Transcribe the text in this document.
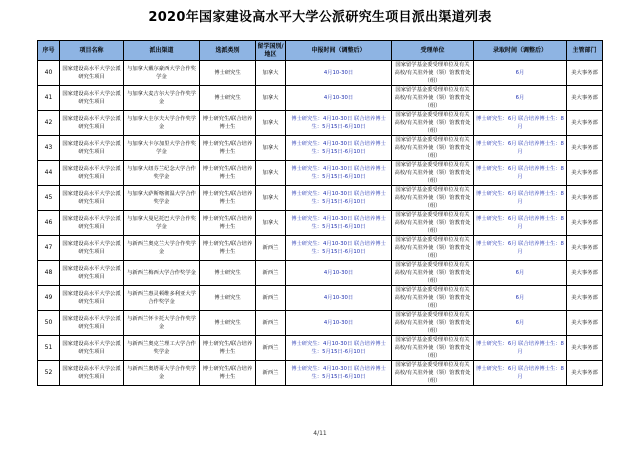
2020年国家建设高水平大学公派研究生项目派出渠道列表
序号	项目名称	派出渠道	选派类别	留学国别/地区	申报时间（调整后）	受理单位	录取时间（调整后）	主管部门
40	国家建设高水平大学公派研究生项目	与加拿大戴尔豪西大学合作奖学金	博士研究生	加拿大	4月10-30日	国家留学基金委受理单位及有关高校/有关驻外使（领）馆教育处（组）	6月	美大事务部
41	国家建设高水平大学公派研究生项目	与加拿大麦吉尔大学合作奖学金	博士研究生	加拿大	4月10-30日	国家留学基金委受理单位及有关高校/有关驻外使（领）馆教育处（组）	6月	美大事务部
42	国家建设高水平大学公派研究生项目	与加拿大圭尔夫大学合作奖学金	博士研究生/联合培养博士生	加拿大	博士研究生：4月10-30日 联合培养博士生：5月15日-6月10日	国家留学基金委受理单位及有关高校/有关驻外使（领）馆教育处（组）	博士研究生：6月 联合培养博士生：8月	美大事务部
43	国家建设高水平大学公派研究生项目	与加拿大卡尔加里大学合作奖学金	博士研究生/联合培养博士生	加拿大	博士研究生：4月10-30日 联合培养博士生：5月15日-6月10日	国家留学基金委受理单位及有关高校/有关驻外使（领）馆教育处（组）	博士研究生：6月 联合培养博士生：8月	美大事务部
44	国家建设高水平大学公派研究生项目	与加拿大纽芬兰纪念大学合作奖学金	博士研究生/联合培养博士生	加拿大	博士研究生：4月10-30日 联合培养博士生：5月15日-6月10日	国家留学基金委受理单位及有关高校/有关驻外使（领）馆教育处（组）	博士研究生：6月 联合培养博士生：8月	美大事务部
45	国家建设高水平大学公派研究生项目	与加拿大萨斯喀彻温大学合作奖学金	博士研究生/联合培养博士生	加拿大	博士研究生：4月10-30日 联合培养博士生：5月15日-6月10日	国家留学基金委受理单位及有关高校/有关驻外使（领）馆教育处（组）	博士研究生：6月 联合培养博士生：8月	美大事务部
46	国家建设高水平大学公派研究生项目	与加拿大曼尼托巴大学合作奖学金	博士研究生/联合培养博士生	加拿大	博士研究生：4月10-30日 联合培养博士生：5月15日-6月10日	国家留学基金委受理单位及有关高校/有关驻外使（领）馆教育处（组）	博士研究生：6月 联合培养博士生：8月	美大事务部
47	国家建设高水平大学公派研究生项目	与新西兰奥克兰大学合作奖学金	博士研究生/联合培养博士生	新西兰	博士研究生：4月10-30日 联合培养博士生：5月15日-6月10日	国家留学基金委受理单位及有关高校/有关驻外使（领）馆教育处（组）	博士研究生：6月 联合培养博士生：8月	美大事务部
48	国家建设高水平大学公派研究生项目	与新西兰梅西大学合作奖学金	博士研究生	新西兰	4月10-30日	国家留学基金委受理单位及有关高校/有关驻外使（领）馆教育处（组）	6月	美大事务部
49	国家建设高水平大学公派研究生项目	与新西兰惠灵顿维多利亚大学合作奖学金	博士研究生	新西兰	4月10-30日	国家留学基金委受理单位及有关高校/有关驻外使（领）馆教育处（组）	6月	美大事务部
50	国家建设高水平大学公派研究生项目	与新西兰怀卡托大学合作奖学金	博士研究生	新西兰	4月10-30日	国家留学基金委受理单位及有关高校/有关驻外使（领）馆教育处（组）	6月	美大事务部
51	国家建设高水平大学公派研究生项目	与新西兰奥克兰理工大学合作奖学金	博士研究生/联合培养博士生	新西兰	博士研究生：4月10-30日 联合培养博士生：5月15日-6月10日	国家留学基金委受理单位及有关高校/有关驻外使（领）馆教育处（组）	博士研究生：6月 联合培养博士生：8月	美大事务部
52	国家建设高水平大学公派研究生项目	与新西兰奥塔哥大学合作奖学金	博士研究生/联合培养博士生	新西兰	博士研究生：4月10-30日 联合培养博士生：5月15日-6月10日	国家留学基金委受理单位及有关高校/有关驻外使（领）馆教育处（组）	博士研究生：6月 联合培养博士生：8月	美大事务部
4/11
